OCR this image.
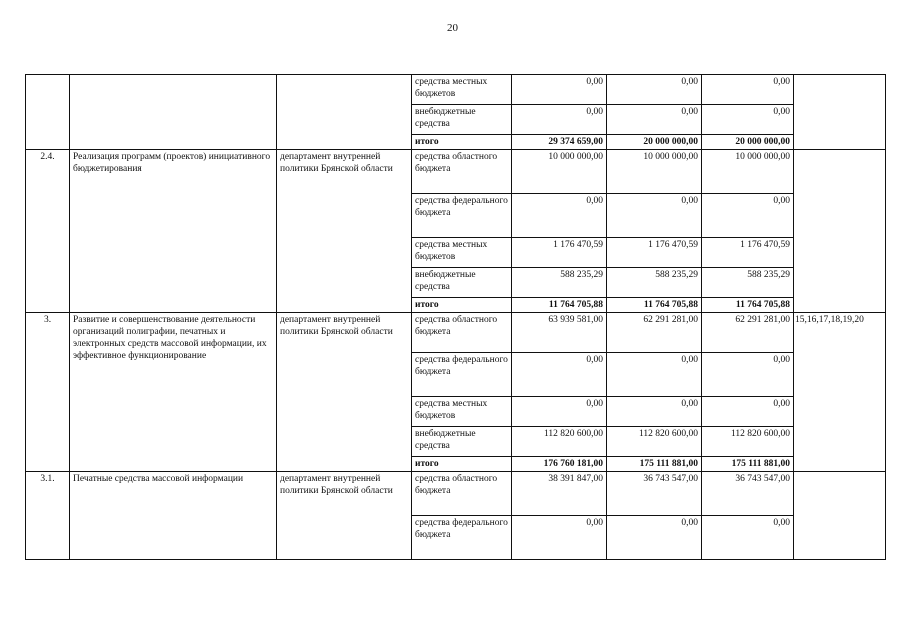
20
			средства местных бюджетов	0,00	0,00	0,00	
			внебюджетные средства	0,00	0,00	0,00	
			итого	29 374 659,00	20 000 000,00	20 000 000,00	
2.4.	Реализация программ (проектов) инициативного бюджетирования	департамент внутренней политики Брянской области	средства областного бюджета	10 000 000,00	10 000 000,00	10 000 000,00	
			средства федерального бюджета	0,00	0,00	0,00	
			средства местных бюджетов	1 176 470,59	1 176 470,59	1 176 470,59	
			внебюджетные средства	588 235,29	588 235,29	588 235,29	
			итого	11 764 705,88	11 764 705,88	11 764 705,88	
3.	Развитие и совершенствование деятельности организаций полиграфии, печатных и электронных средств массовой информации, их эффективное функционирование	департамент внутренней политики Брянской области	средства областного бюджета	63 939 581,00	62 291 281,00	62 291 281,00	15,16,17,18,19,20
			средства федерального бюджета	0,00	0,00	0,00	
			средства местных бюджетов	0,00	0,00	0,00	
			внебюджетные средства	112 820 600,00	112 820 600,00	112 820 600,00	
			итого	176 760 181,00	175 111 881,00	175 111 881,00	
3.1.	Печатные средства массовой информации	департамент внутренней политики Брянской области	средства областного бюджета	38 391 847,00	36 743 547,00	36 743 547,00	
			средства федерального бюджета	0,00	0,00	0,00	
